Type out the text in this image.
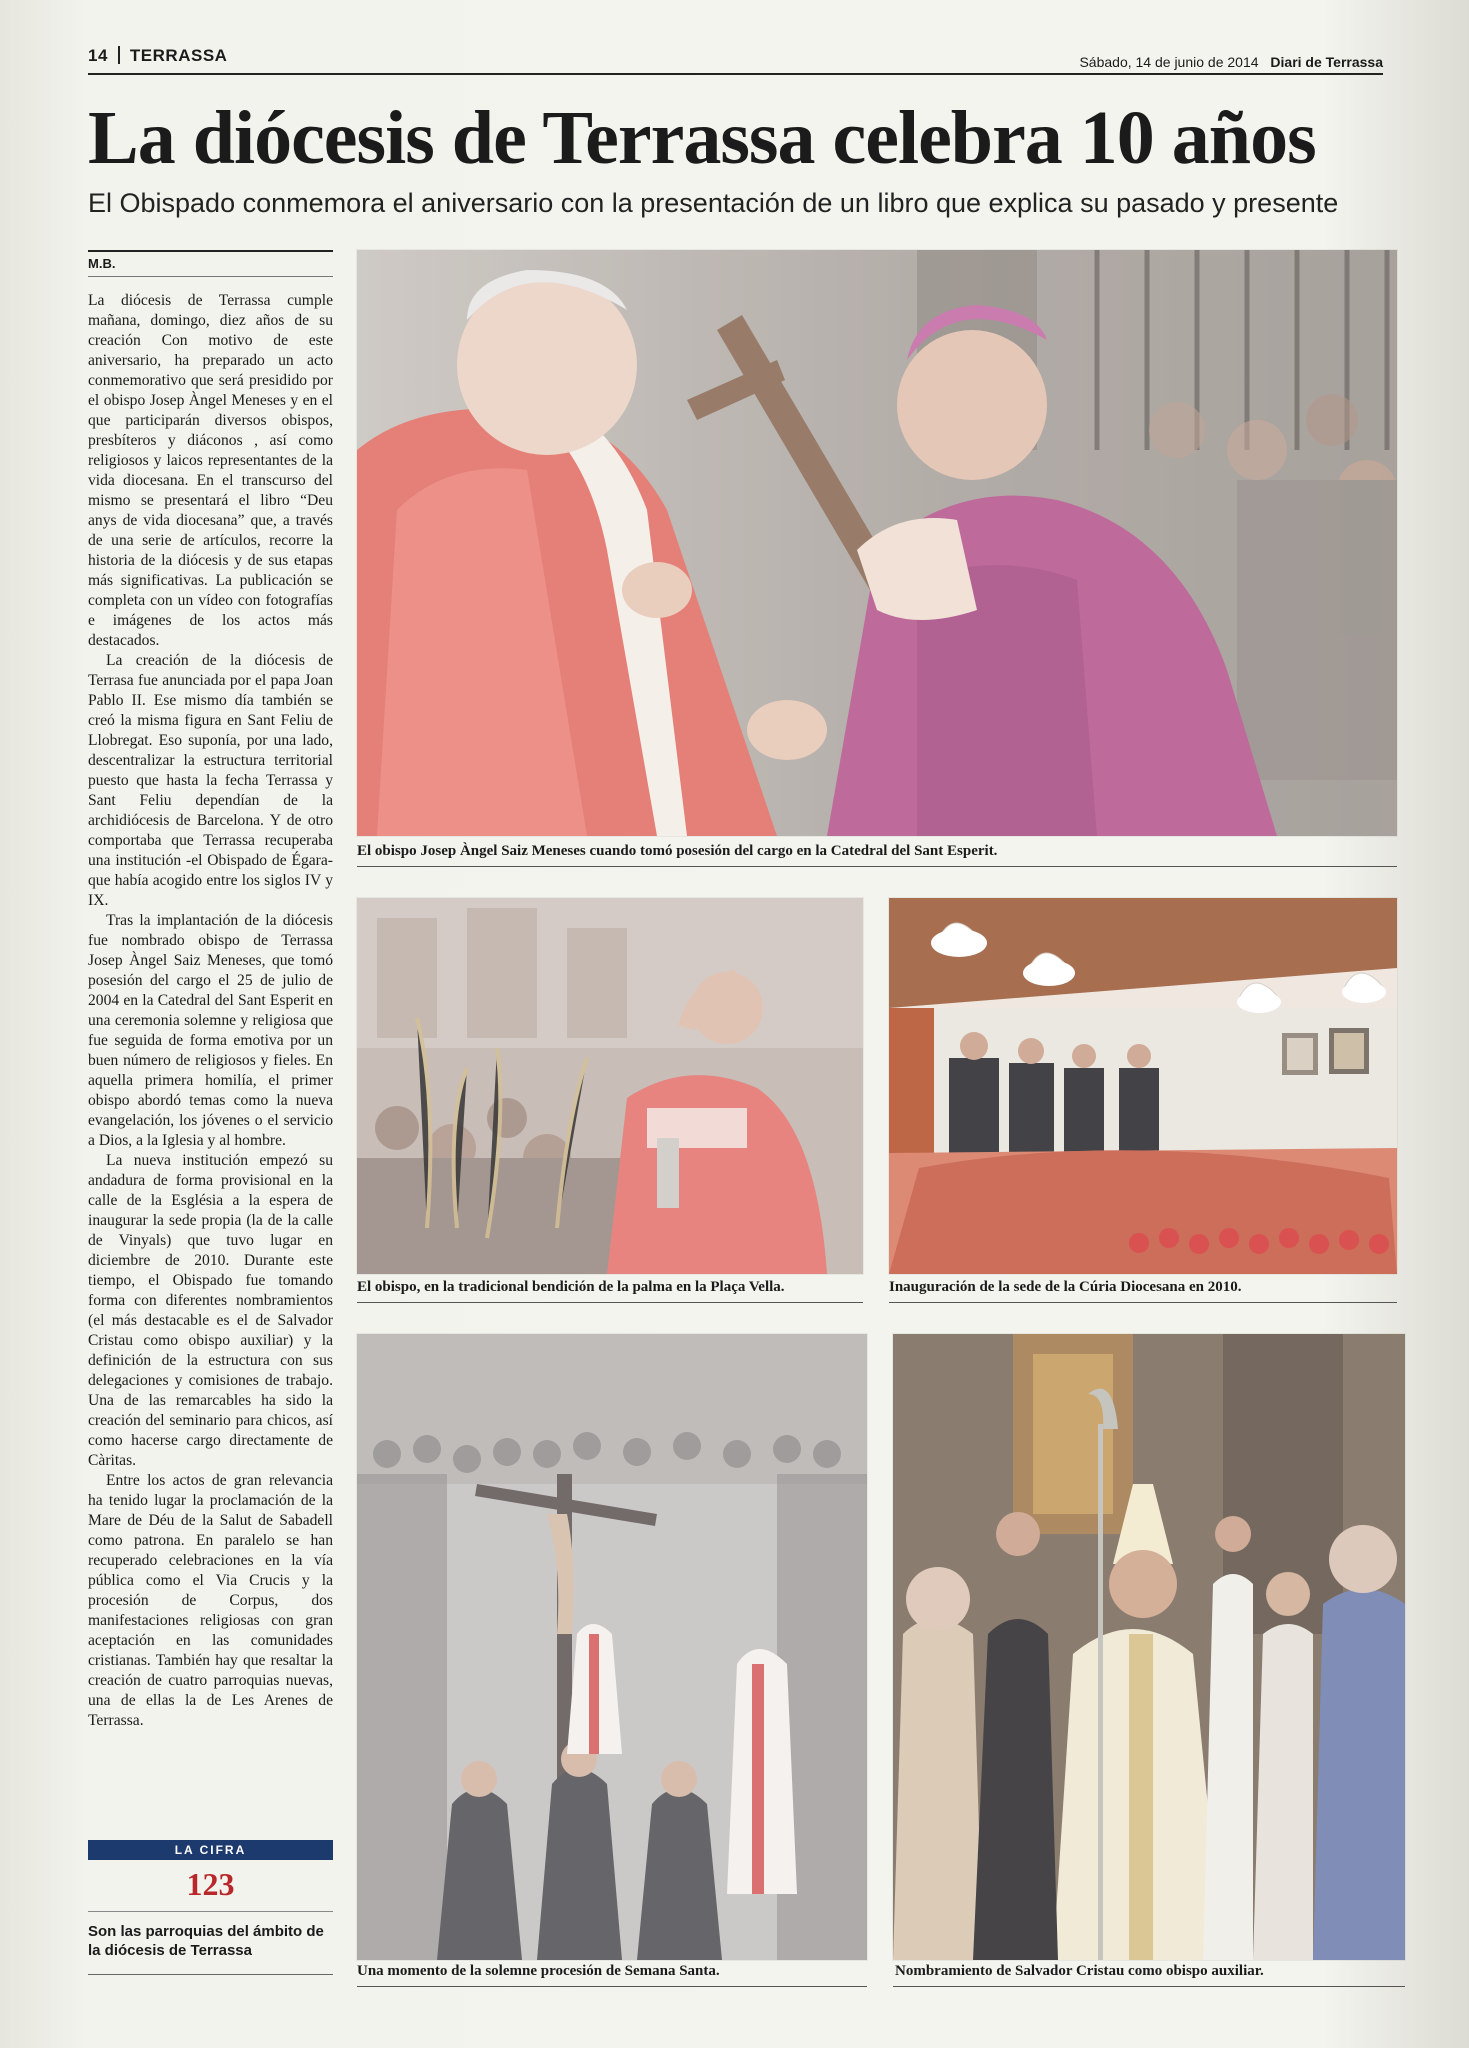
14 TERRASSA	Sábado, 14 de junio de 2014 Diari de Terrassa
La diócesis de Terrassa celebra 10 años
El Obispado conmemora el aniversario con la presentación de un libro que explica su pasado y presente
M.B.

La diócesis de Terrassa cumple mañana, domingo, diez años de su creación Con motivo de este aniversario, ha preparado un acto conmemorativo que será presidido por el obispo Josep Àngel Meneses y en el que participarán diversos obispos, presbíteros y diáconos , así como religiosos y laicos representantes de la vida diocesana. En el transcurso del mismo se presentará el libro “Deu anys de vida diocesana” que, a través de una serie de artículos, recorre la historia de la diócesis y de sus etapas más significativas. La publicación se completa con un vídeo con fotografías e imágenes de los actos más destacados.

La creación de la diócesis de Terrasa fue anunciada por el papa Joan Pablo II. Ese mismo día también se creó la misma figura en Sant Feliu de Llobregat. Eso suponía, por una lado, descentralizar la estructura territorial puesto que hasta la fecha Terrassa y Sant Feliu dependían de la archidiócesis de Barcelona. Y de otro comportaba que Terrassa recuperaba una institución -el Obispado de Égara- que había acogido entre los siglos IV y IX.

Tras la implantación de la diócesis fue nombrado obispo de Terrassa Josep Àngel Saiz Meneses, que tomó posesión del cargo el 25 de julio de 2004 en la Catedral del Sant Esperit en una ceremonia solemne y religiosa que fue seguida de forma emotiva por un buen número de religiosos y fieles. En aquella primera homilía, el primer obispo abordó temas como la nueva evangelación, los jóvenes o el servicio a Dios, a la Iglesia y al hombre.

La nueva institución empezó su andadura de forma provisional en la calle de la Església a la espera de inaugurar la sede propia (la de la calle de Vinyals) que tuvo lugar en diciembre de 2010. Durante este tiempo, el Obispado fue tomando forma con diferentes nombramientos (el más destacable es el de Salvador Cristau como obispo auxiliar) y la definición de la estructura con sus delegaciones y comisiones de trabajo. Una de las remarcables ha sido la creación del seminario para chicos, así como hacerse cargo directamente de Càritas.

Entre los actos de gran relevancia ha tenido lugar la proclamación de la Mare de Déu de la Salut de Sabadell como patrona. En paralelo se han recuperado celebraciones en la vía pública como el Via Crucis y la procesión de Corpus, dos manifestaciones religiosas con gran aceptación en las comunidades cristianas. También hay que resaltar la creación de cuatro parroquias nuevas, una de ellas la de Les Arenes de Terrassa.

LA CIFRA
123
Son las parroquias del ámbito de la diócesis de Terrassa
El obispo Josep Àngel Saiz Meneses cuando tomó posesión del cargo en la Catedral del Sant Esperit.
El obispo, en la tradicional bendición de la palma en la Plaça Vella.	Inauguración de la sede de la Cúria Diocesana en 2010.
Una momento de la solemne procesión de Semana Santa.	Nombramiento de Salvador Cristau como obispo auxiliar.
